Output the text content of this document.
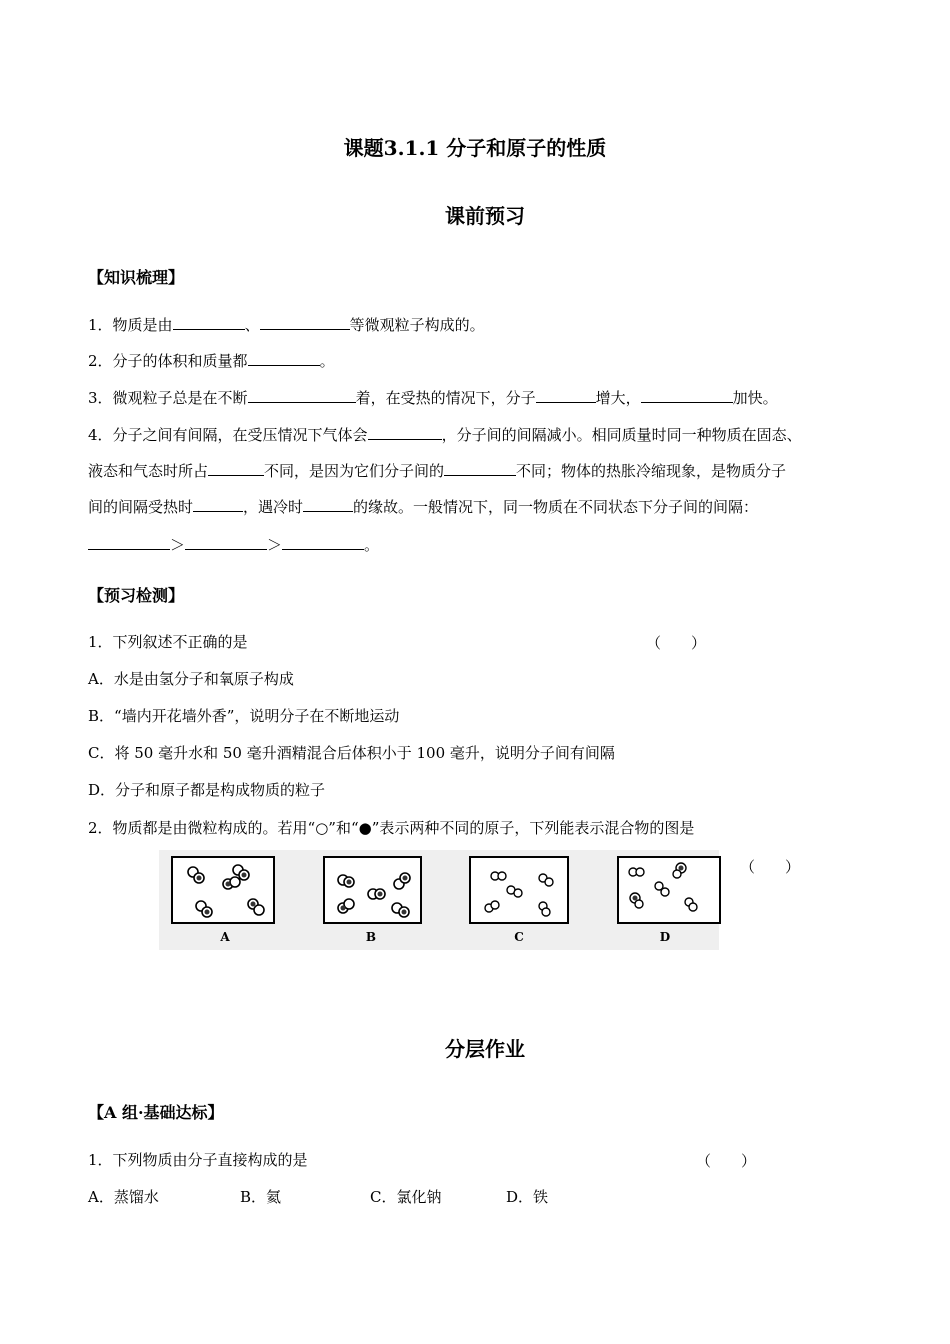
课题3.1.1 分子和原子的性质
课前预习
【知识梳理】
1．物质是由	、	等微观粒子构成的。
2．分子的体积和质量都	。
3．微观粒子总是在不断	着，在受热的情况下，分子	增大，	加快。
4．分子之间有间隔，在受压情况下气体会	，分子间的间隔减小。相同质量时同一种物质在固态、
液态和气态时所占	不同，是因为它们分子间的	不同；物体的热胀冷缩现象，是物质分子
间的间隔受热时	，遇冷时	的缘故。一般情况下，同一物质在不同状态下分子间的间隔：
＞	＞	。
【预习检测】
1．下列叙述不正确的是	（　　）
A．水是由氢分子和氧原子构成
B．“墙内开花墙外香”，说明分子在不断地运动
C．将 50 毫升水和 50 毫升酒精混合后体积小于 100 毫升，说明分子间有间隔
D．分子和原子都是构成物质的粒子
2．物质都是由微粒构成的。若用“○”和“●”表示两种不同的原子，下列能表示混合物的图是
A	B	C	D
（　　）
分层作业
【A 组·基础达标】
1．下列物质由分子直接构成的是	（　　）
A．蒸馏水	B．氦	C．氯化钠	D．铁
